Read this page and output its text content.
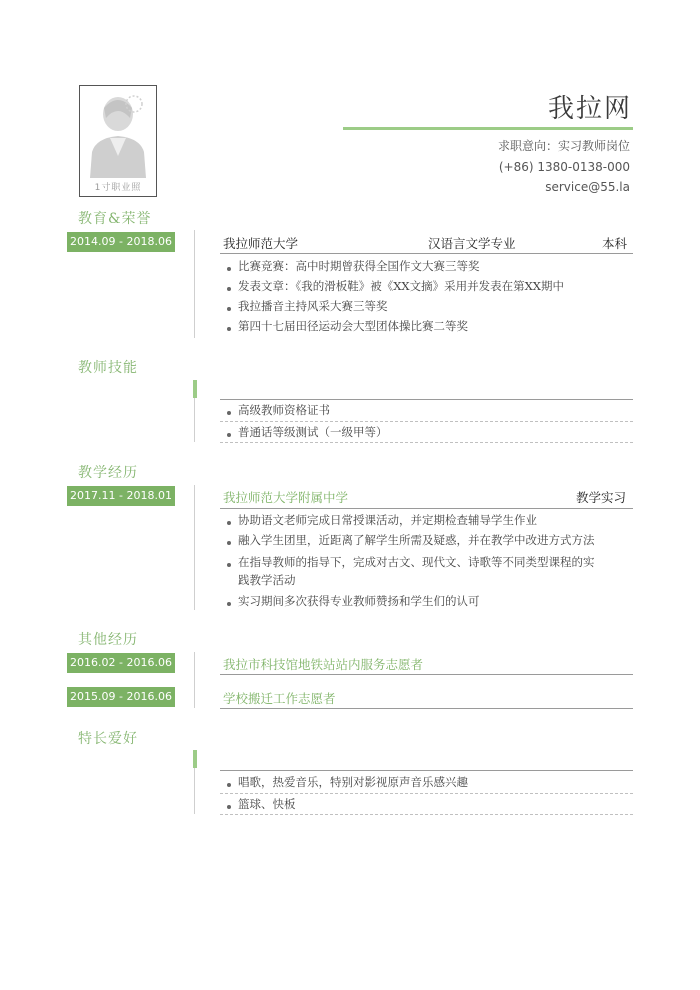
1寸职业照
我拉网
求职意向：实习教师岗位
(+86) 1380-0138-000
service@55.la
教育&荣誉
2014.09 - 2018.06	我拉师范大学	汉语言文学专业	本科
比赛竞赛：高中时期曾获得全国作文大赛三等奖
发表文章：《我的滑板鞋》被《XX文摘》采用并发表在第XX期中
我拉播音主持风采大赛三等奖
第四十七届田径运动会大型团体操比赛二等奖
教师技能
高级教师资格证书
普通话等级测试（一级甲等）
教学经历
2017.11 - 2018.01	我拉师范大学附属中学	教学实习
协助语文老师完成日常授课活动，并定期检查辅导学生作业
融入学生团里，近距离了解学生所需及疑惑，并在教学中改进方式方法
在指导教师的指导下，完成对古文、现代文、诗歌等不同类型课程的实
践教学活动
实习期间多次获得专业教师赞扬和学生们的认可
其他经历
2016.02 - 2016.06	我拉市科技馆地铁站站内服务志愿者
2015.09 - 2016.06	学校搬迁工作志愿者
特长爱好
唱歌，热爱音乐，特别对影视原声音乐感兴趣
篮球、快板
